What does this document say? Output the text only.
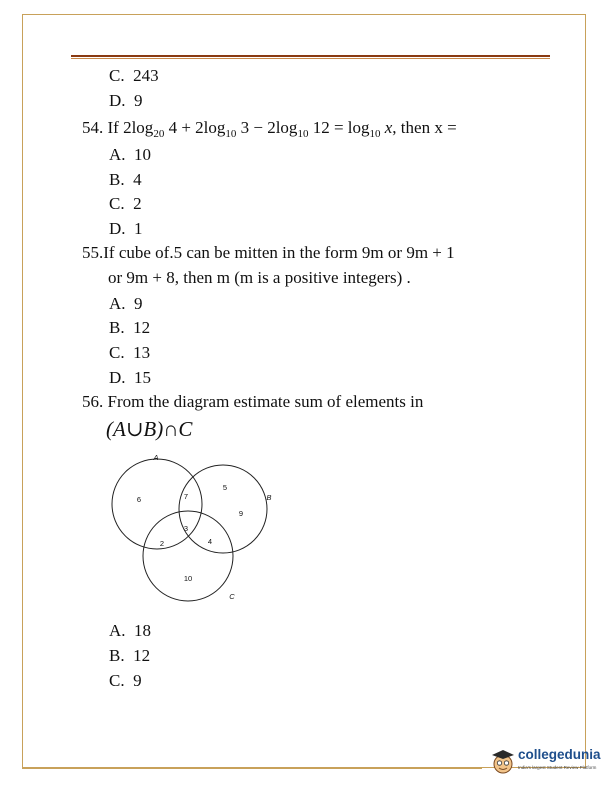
C. 243
D. 9
54. If $2\log_{20}$ $4 + 2\log_{10}$ $3 - 2\log_{10}$ $12 = \log_{10} x$, then x =
A. 10
B. 4
C. 2
D. 1
55.If cube of.5 can be mitten in the form 9m or 9m + 1
or 9m + 8, then m (m is a positive integers) .
A. 9
B. 12
C. 13
D. 15
56. From the diagram estimate sum of elements in
(A∪B)∩C
A
B
C
6	7
5
9
3
2	4
10
A. 18
B. 12
C. 9
collegedunia
India's largest Student Review Platform
